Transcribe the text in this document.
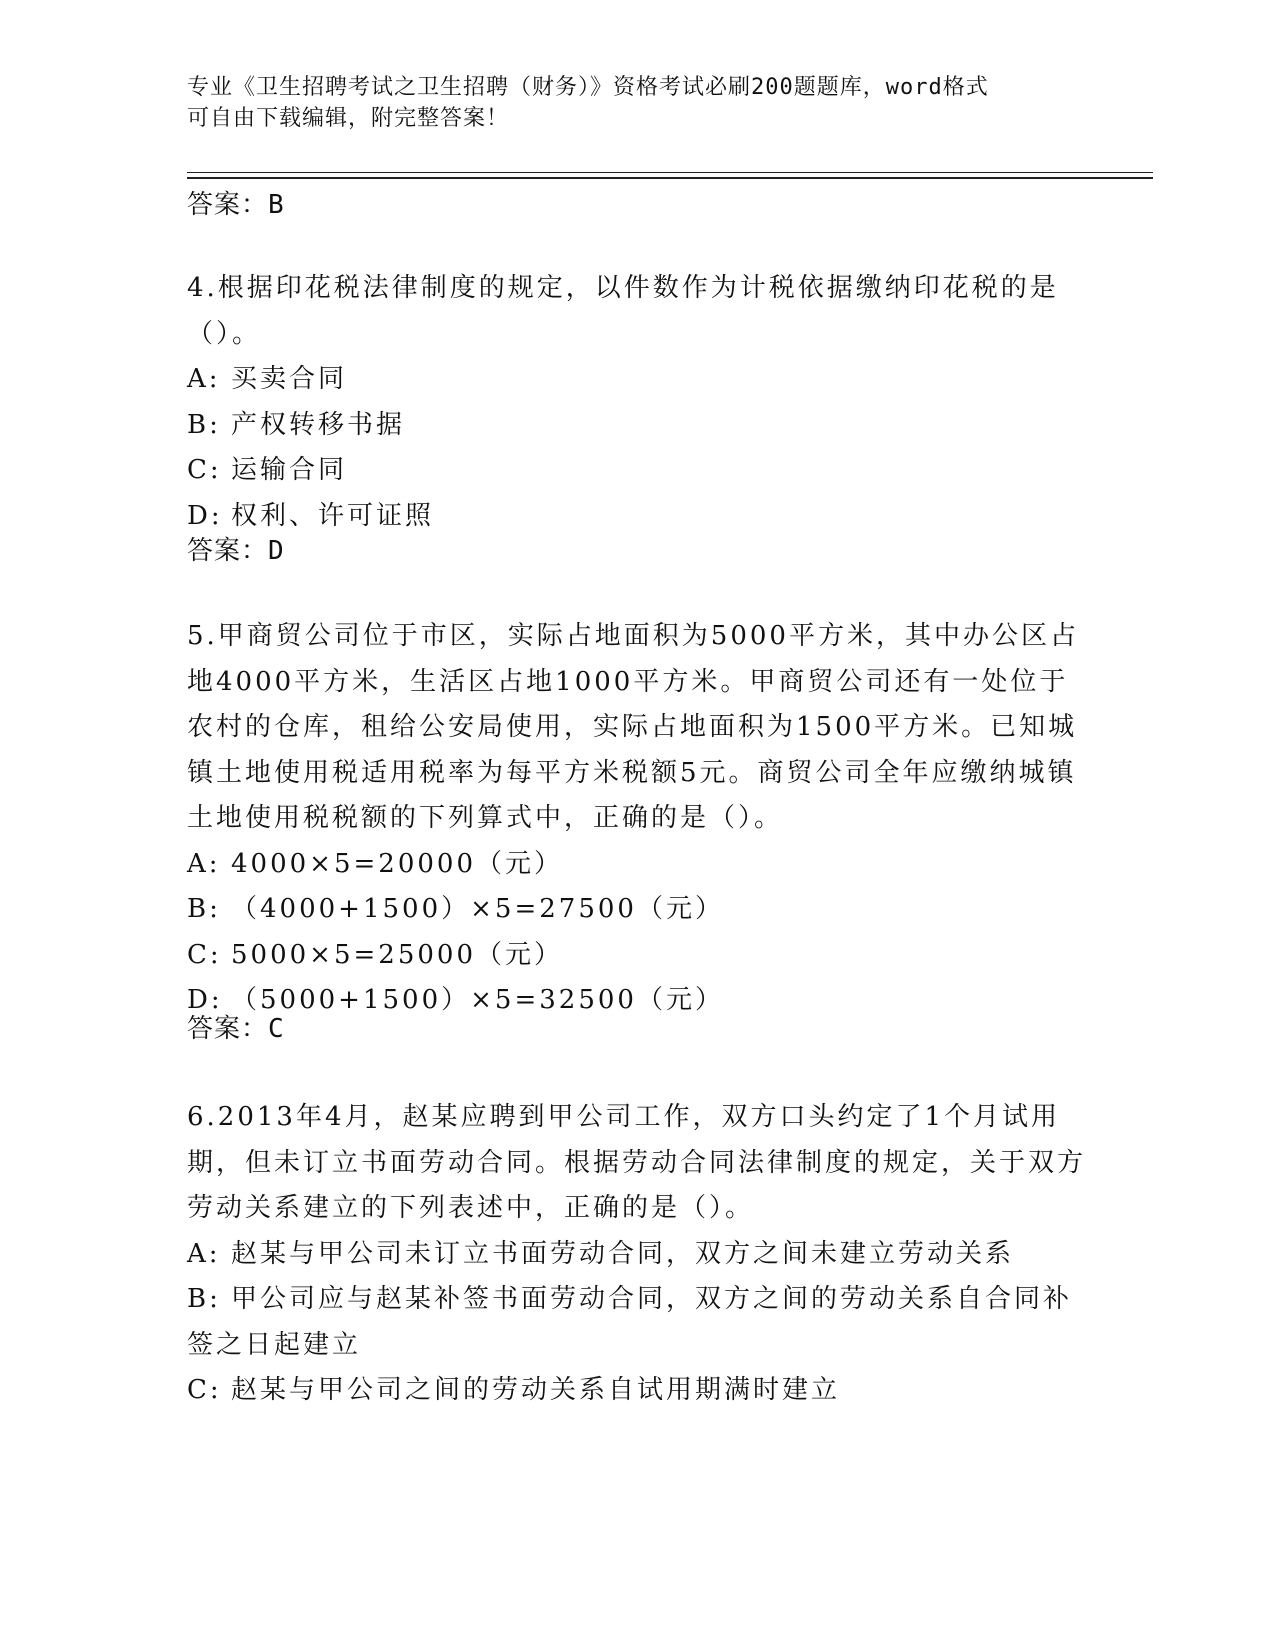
专业《卫生招聘考试之卫生招聘（财务）》资格考试必刷200题题库，word格式
可自由下载编辑，附完整答案！
答案：B

4.根据印花税法律制度的规定，以件数作为计税依据缴纳印花税的是（）。

A: 买卖合同

B: 产权转移书据

C: 运输合同

D: 权利、许可证照

答案：D

5.甲商贸公司位于市区，实际占地面积为5000平方米，其中办公区占地4000平方米，生活区占地1000平方米。甲商贸公司还有一处位于农村的仓库，租给公安局使用，实际占地面积为1500平方米。已知城镇土地使用税适用税率为每平方米税额5元。商贸公司全年应缴纳城镇土地使用税税额的下列算式中，正确的是（）。

A: 4000×5=20000（元）

B: （4000+1500）×5=27500（元）

C: 5000×5=25000（元）

D: （5000+1500）×5=32500（元）

答案：C

6.2013年4月，赵某应聘到甲公司工作，双方口头约定了1个月试用期，但未订立书面劳动合同。根据劳动合同法律制度的规定，关于双方劳动关系建立的下列表述中，正确的是（）。

A: 赵某与甲公司未订立书面劳动合同，双方之间未建立劳动关系

B: 甲公司应与赵某补签书面劳动合同，双方之间的劳动关系自合同补签之日起建立

C: 赵某与甲公司之间的劳动关系自试用期满时建立
